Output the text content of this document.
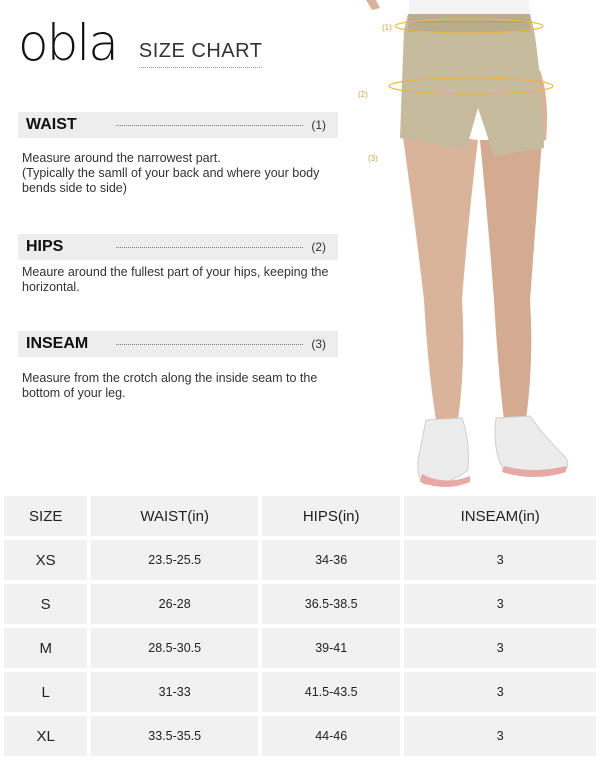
obla SIZE CHART
WAIST	(1)
Measure around the narrowest part.
(Typically the samll of your back and where your body bends side to side)
HIPS	(2)
Meaure around the fullest part of your hips, keeping the horizontal.
INSEAM	(3)
Measure from the crotch along the inside seam to the bottom of your leg.
(1)
(2)
(3)
SIZE	WAIST(in)	HIPS(in)	INSEAM(in)
XS	23.5-25.5	34-36	3
S	26-28	36.5-38.5	3
M	28.5-30.5	39-41	3
L	31-33	41.5-43.5	3
XL	33.5-35.5	44-46	3
